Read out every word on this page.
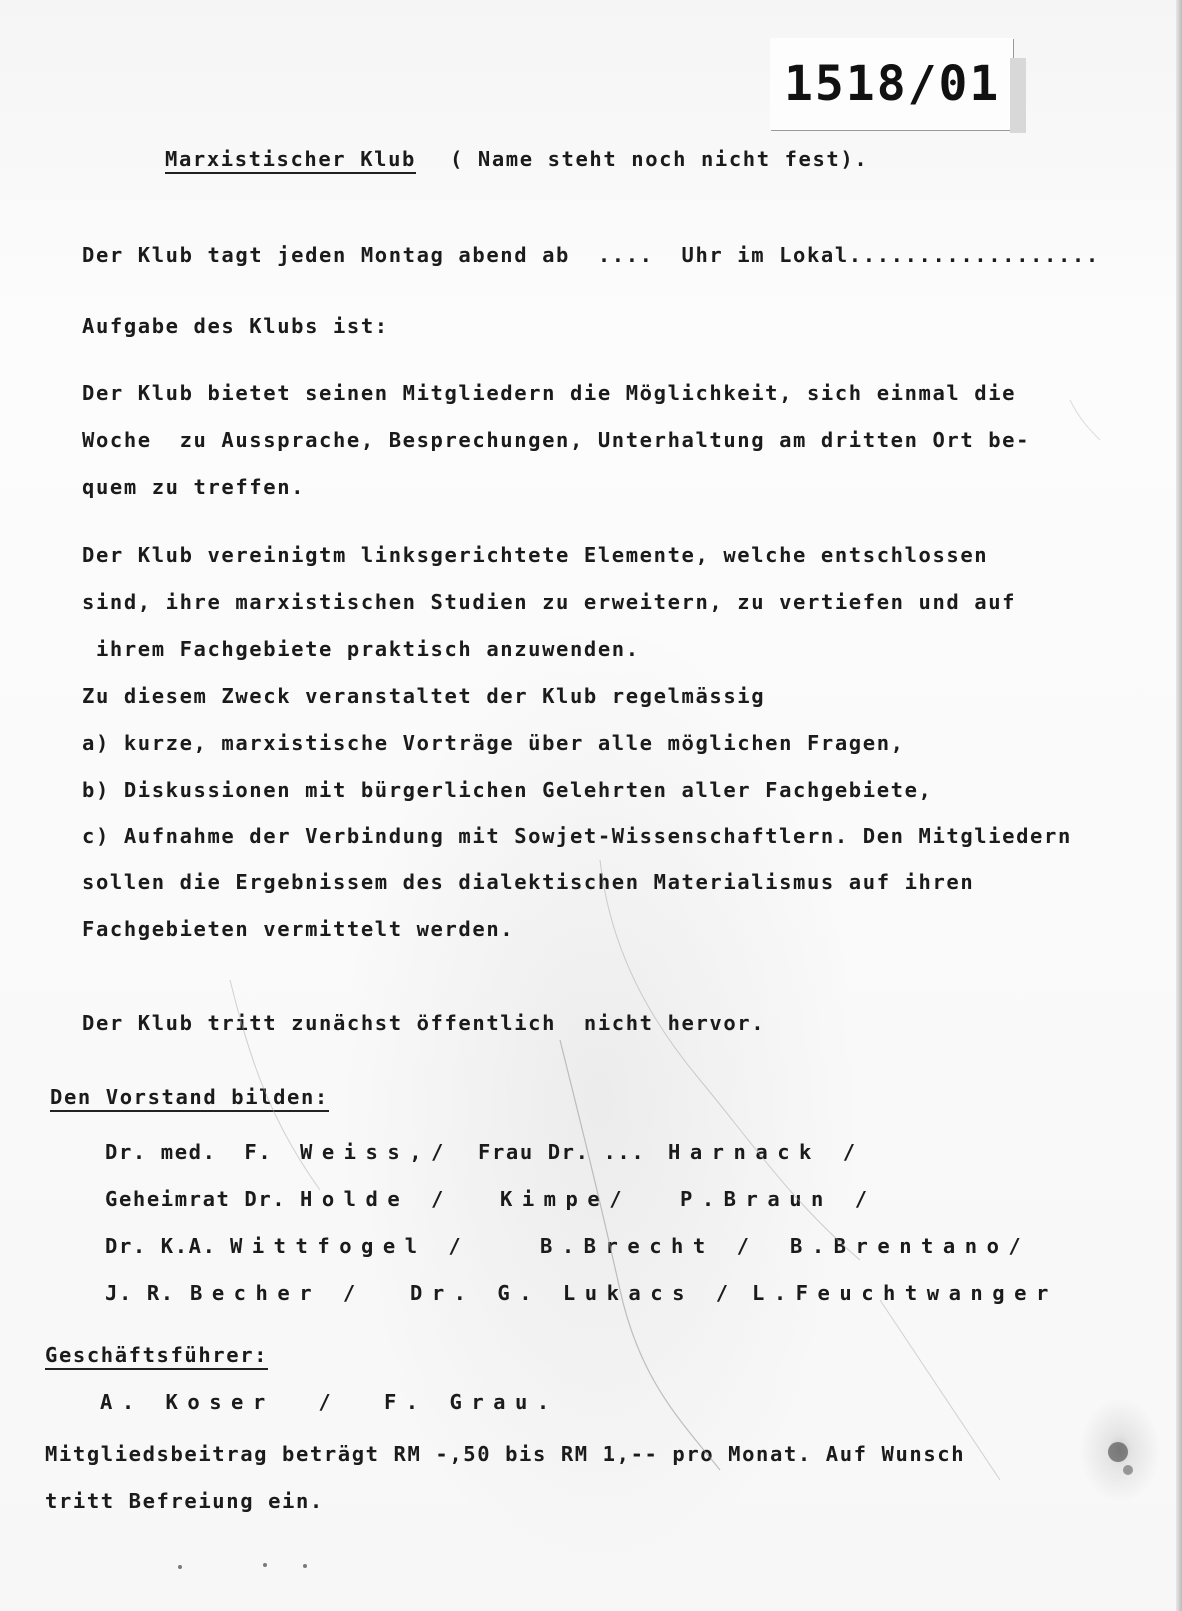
1518/01
Marxistischer Klub ( Name steht noch nicht fest).
Der Klub tagt jeden Montag abend ab  ....  Uhr im Lokal..................
Aufgabe des Klubs ist:
Der Klub bietet seinen Mitgliedern die Möglichkeit, sich einmal die
Woche  zu Aussprache, Besprechungen, Unterhaltung am dritten Ort be-
quem zu treffen.
Der Klub vereinigtm linksgerichtete Elemente, welche entschlossen
sind, ihre marxistischen Studien zu erweitern, zu vertiefen und auf
ihrem Fachgebiete praktisch anzuwenden.
Zu diesem Zweck veranstaltet der Klub regelmässig
a) kurze, marxistische Vorträge über alle möglichen Fragen,
b) Diskussionen mit bürgerlichen Gelehrten aller Fachgebiete,
c) Aufnahme der Verbindung mit Sowjet-Wissenschaftlern. Den Mitgliedern
sollen die Ergebnissem des dialektischen Materialismus auf ihren
Fachgebieten vermittelt werden.
Der Klub tritt zunächst öffentlich  nicht hervor.
Den Vorstand bilden:
Dr. med.  F. Weiss,/ Frau Dr. ... Harnack /
Geheimrat Dr. Holde / Kimpe/ P.Braun /
Dr. K.A. Wittfogel /	B.Brecht / B.Brentano/
J. R. Becher / Dr. G. Lukacs / L.Feuchtwanger
Geschäftsführer:
A. Koser  /  F. Grau.
Mitgliedsbeitrag beträgt RM -,50 bis RM 1,-- pro Monat. Auf Wunsch
tritt Befreiung ein.
